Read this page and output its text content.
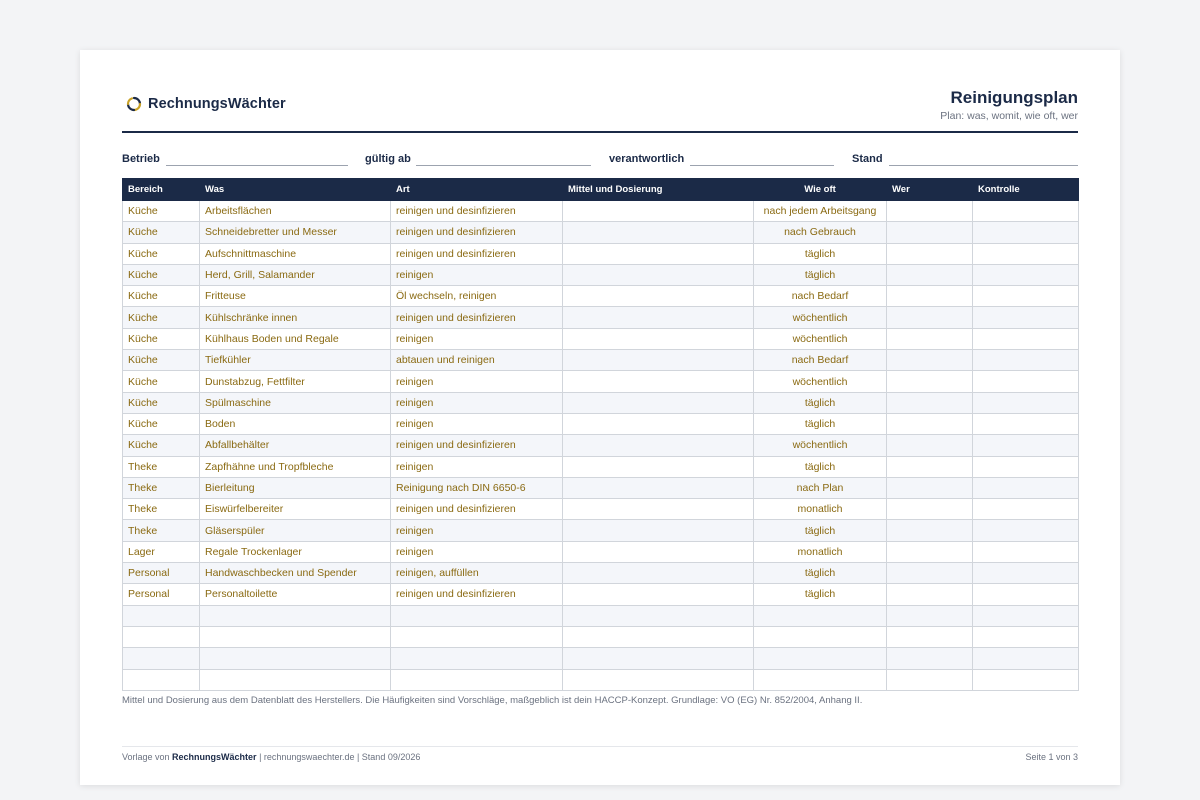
RechnungsWächter	Reinigungsplan
Plan: was, womit, wie oft, wer
Betrieb	gültig ab	verantwortlich	Stand
Bereich	Was	Art	Mittel und Dosierung	Wie oft	Wer	Kontrolle
Küche	Arbeitsflächen	reinigen und desinfizieren		nach jedem Arbeitsgang		
Küche	Schneidebretter und Messer	reinigen und desinfizieren		nach Gebrauch		
Küche	Aufschnittmaschine	reinigen und desinfizieren		täglich		
Küche	Herd, Grill, Salamander	reinigen		täglich		
Küche	Fritteuse	Öl wechseln, reinigen		nach Bedarf		
Küche	Kühlschränke innen	reinigen und desinfizieren		wöchentlich		
Küche	Kühlhaus Boden und Regale	reinigen		wöchentlich		
Küche	Tiefkühler	abtauen und reinigen		nach Bedarf		
Küche	Dunstabzug, Fettfilter	reinigen		wöchentlich		
Küche	Spülmaschine	reinigen		täglich		
Küche	Boden	reinigen		täglich		
Küche	Abfallbehälter	reinigen und desinfizieren		wöchentlich		
Theke	Zapfhähne und Tropfbleche	reinigen		täglich		
Theke	Bierleitung	Reinigung nach DIN 6650-6		nach Plan		
Theke	Eiswürfelbereiter	reinigen und desinfizieren		monatlich		
Theke	Gläserspüler	reinigen		täglich		
Lager	Regale Trockenlager	reinigen		monatlich		
Personal	Handwaschbecken und Spender	reinigen, auffüllen		täglich		
Personal	Personaltoilette	reinigen und desinfizieren		täglich		

Mittel und Dosierung aus dem Datenblatt des Herstellers. Die Häufigkeiten sind Vorschläge, maßgeblich ist dein HACCP-Konzept. Grundlage: VO (EG) Nr. 852/2004, Anhang II.
Vorlage von RechnungsWächter | rechnungswaechter.de | Stand 09/2026	Seite 1 von 3
